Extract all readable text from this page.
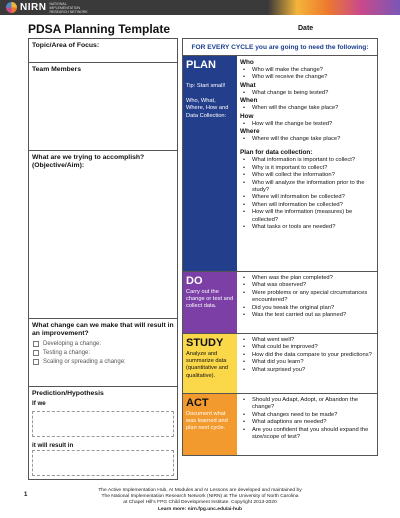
NIRN NATIONAL IMPLEMENTATION RESEARCH NETWORK
PDSA Planning Template	Date
Topic/Area of Focus:
Team Members
What are we trying to accomplish? (Objective/Aim):
What change can we make that will result in an improvement?
Developing a change:
Testing a change:
Scaling or spreading a change:
Prediction/Hypothesis
If we
it will result in
FOR EVERY CYCLE you are going to need the following:
PLAN
Tip: Start small!
Who, What, Where, How and Data Collection:
Who
•	Who will make the change?
•	Who will receive the change?
What
•	What change is being tested?
When
•	When will the change take place?
How
•	How will the change be tested?
Where
•	Where will the change take place?
Plan for data collection:
•	What information is important to collect?
•	Why is it important to collect?
•	Who will collect the information?
•	Who will analyze the information prior to the study?
•	Where will information be collected?
•	When will information be collected?
•	How will the information (measures) be collected?
•	What tasks or tools are needed?
DO
Carry out the change or test and collect data.
•	When was the plan completed?
•	What was observed?
•	Were problems or any special circumstances encountered?
•	Did you tweak the original plan?
•	Was the test carried out as planned?
STUDY
Analyze and summarize data (quantitative and qualitative).
•	What went well?
•	What could be improved?
•	How did the data compare to your predictions?
•	What did you learn?
•	What surprised you?
ACT
Document what was learned and plan next cycle.
•	Should you Adapt, Adopt, or Abandon the change?
•	What changes need to be made?
•	What adaptions are needed?
•	Are you confident that you should expand the size/scope of test?
1
The Active Implementation Hub, AI Modules and AI Lessons are developed and maintained by
The National Implementation Research Network (NIRN) at The University of North Carolina
at Chapel Hill's FPG Child Development Institute. Copyright 2013-2020
Learn more: nirn.fpg.unc.edu/ai-hub
